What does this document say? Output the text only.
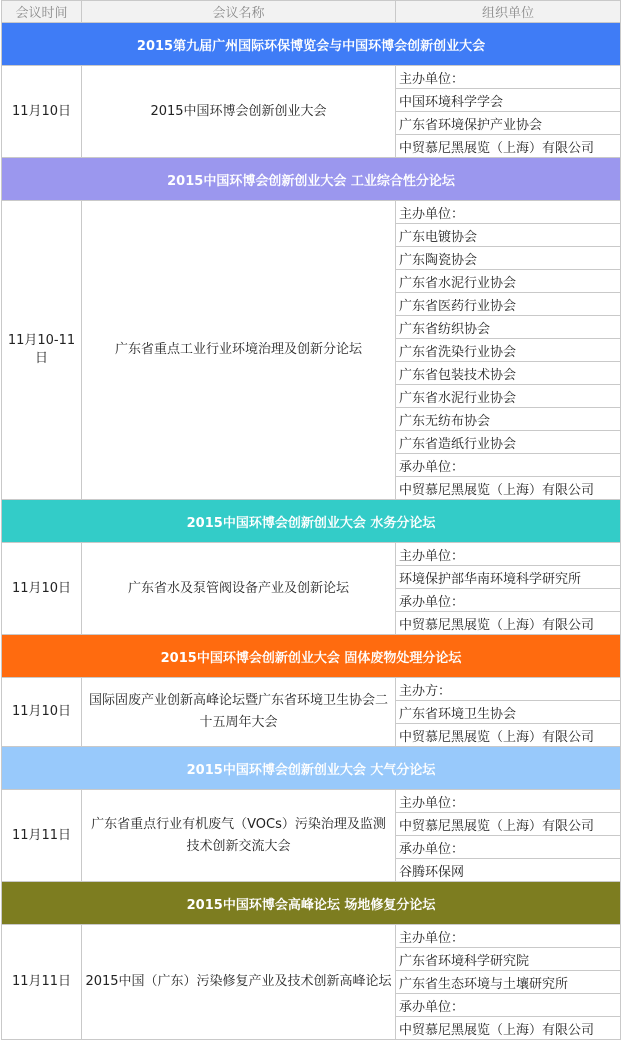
会议时间	会议名称	组织单位
2015第九届广州国际环保博览会与中国环博会创新创业大会		
11月10日	2015中国环博会创新创业大会	主办单位：
		中国环境科学学会
		广东省环境保护产业协会
		中贸慕尼黑展览（上海）有限公司
2015中国环博会创新创业大会 工业综合性分论坛		
11月10-11日	广东省重点工业行业环境治理及创新分论坛	主办单位：
		广东电镀协会
		广东陶瓷协会
		广东省水泥行业协会
		广东省医药行业协会
		广东省纺织协会
		广东省洗染行业协会
		广东省包装技术协会
		广东省水泥行业协会
		广东无纺布协会
		广东省造纸行业协会
		承办单位：
		中贸慕尼黑展览（上海）有限公司
2015中国环博会创新创业大会 水务分论坛		
11月10日	广东省水及泵管阀设备产业及创新论坛	主办单位：
		环境保护部华南环境科学研究所
		承办单位：
		中贸慕尼黑展览（上海）有限公司
2015中国环博会创新创业大会 固体废物处理分论坛		
11月10日	国际固废产业创新高峰论坛暨广东省环境卫生协会二十五周年大会	主办方：
		广东省环境卫生协会
		中贸慕尼黑展览（上海）有限公司
2015中国环博会创新创业大会 大气分论坛		
11月11日	广东省重点行业有机废气（VOCs）污染治理及监测技术创新交流大会	主办单位：
		中贸慕尼黑展览（上海）有限公司
		承办单位：
		谷腾环保网
2015中国环博会高峰论坛 场地修复分论坛		
11月11日	2015中国（广东）污染修复产业及技术创新高峰论坛	主办单位：
		广东省环境科学研究院
		广东省生态环境与土壤研究所
		承办单位：
		中贸慕尼黑展览（上海）有限公司
